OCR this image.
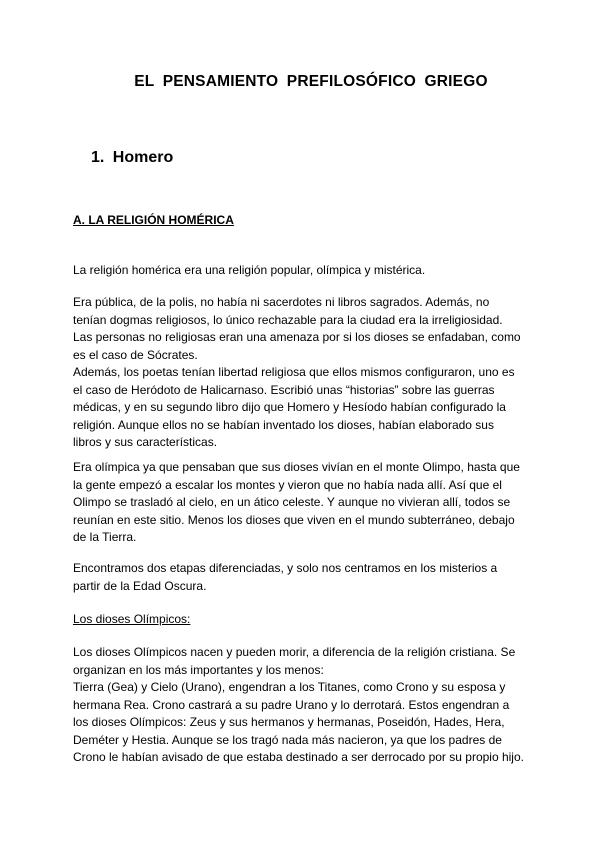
EL PENSAMIENTO PREFILOSÓFICO GRIEGO
1. Homero
A. LA RELIGIÓN HOMÉRICA

La religión homérica era una religión popular, olímpica y mistérica.

Era pública, de la polis, no había ni sacerdotes ni libros sagrados. Además, no
tenían dogmas religiosos, lo único rechazable para la ciudad era la irreligiosidad.
Las personas no religiosas eran una amenaza por si los dioses se enfadaban, como
es el caso de Sócrates.
Además, los poetas tenían libertad religiosa que ellos mismos configuraron, uno es
el caso de Heródoto de Halicarnaso. Escribió unas “historias” sobre las guerras
médicas, y en su segundo libro dijo que Homero y Hesíodo habían configurado la
religión. Aunque ellos no se habían inventado los dioses, habían elaborado sus
libros y sus características.

Era olímpica ya que pensaban que sus dioses vivían en el monte Olimpo, hasta que
la gente empezó a escalar los montes y vieron que no había nada allí. Así que el
Olimpo se trasladó al cielo, en un ático celeste. Y aunque no vivieran allí, todos se
reunían en este sitio. Menos los dioses que viven en el mundo subterráneo, debajo
de la Tierra.

Encontramos dos etapas diferenciadas, y solo nos centramos en los misterios a
partir de la Edad Oscura.

Los dioses Olímpicos:

Los dioses Olímpicos nacen y pueden morir, a diferencia de la religión cristiana. Se
organizan en los más importantes y los menos:
Tierra (Gea) y Cielo (Urano), engendran a los Titanes, como Crono y su esposa y
hermana Rea. Crono castrará a su padre Urano y lo derrotará. Estos engendran a
los dioses Olímpicos: Zeus y sus hermanos y hermanas, Poseidón, Hades, Hera,
Deméter y Hestia. Aunque se los tragó nada más nacieron, ya que los padres de
Crono le habían avisado de que estaba destinado a ser derrocado por su propio hijo.
